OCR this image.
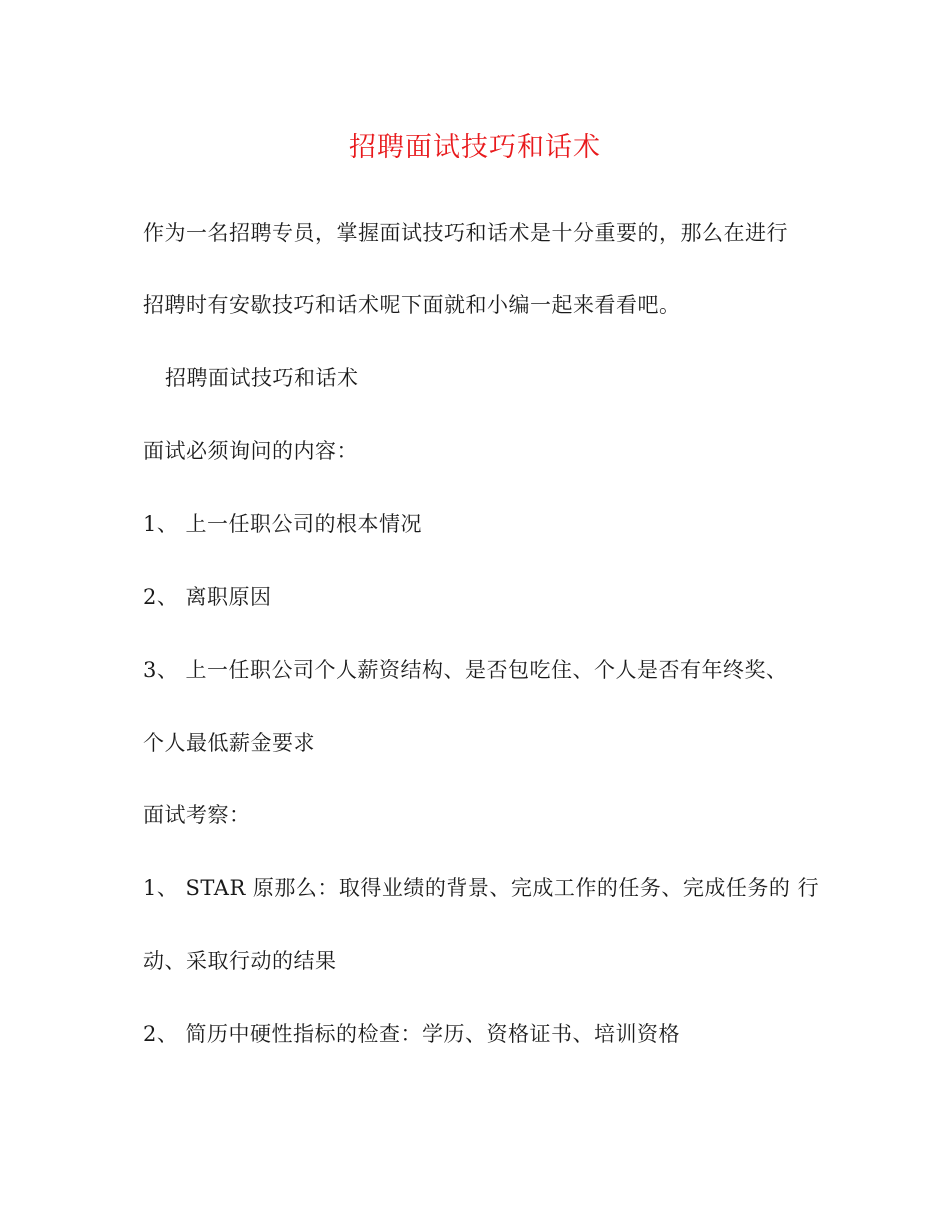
招聘面试技巧和话术
作为一名招聘专员，掌握面试技巧和话术是十分重要的，那么在进行
招聘时有安歇技巧和话术呢下面就和小编一起来看看吧。
招聘面试技巧和话术
面试必须询问的内容：
1、 上一任职公司的根本情况
2、 离职原因
3、 上一任职公司个人薪资结构、是否包吃住、个人是否有年终奖、
个人最低薪金要求
面试考察：
1、 STAR 原那么：取得业绩的背景、完成工作的任务、完成任务的 行
动、采取行动的结果
2、 简历中硬性指标的检查：学历、资格证书、培训资格
